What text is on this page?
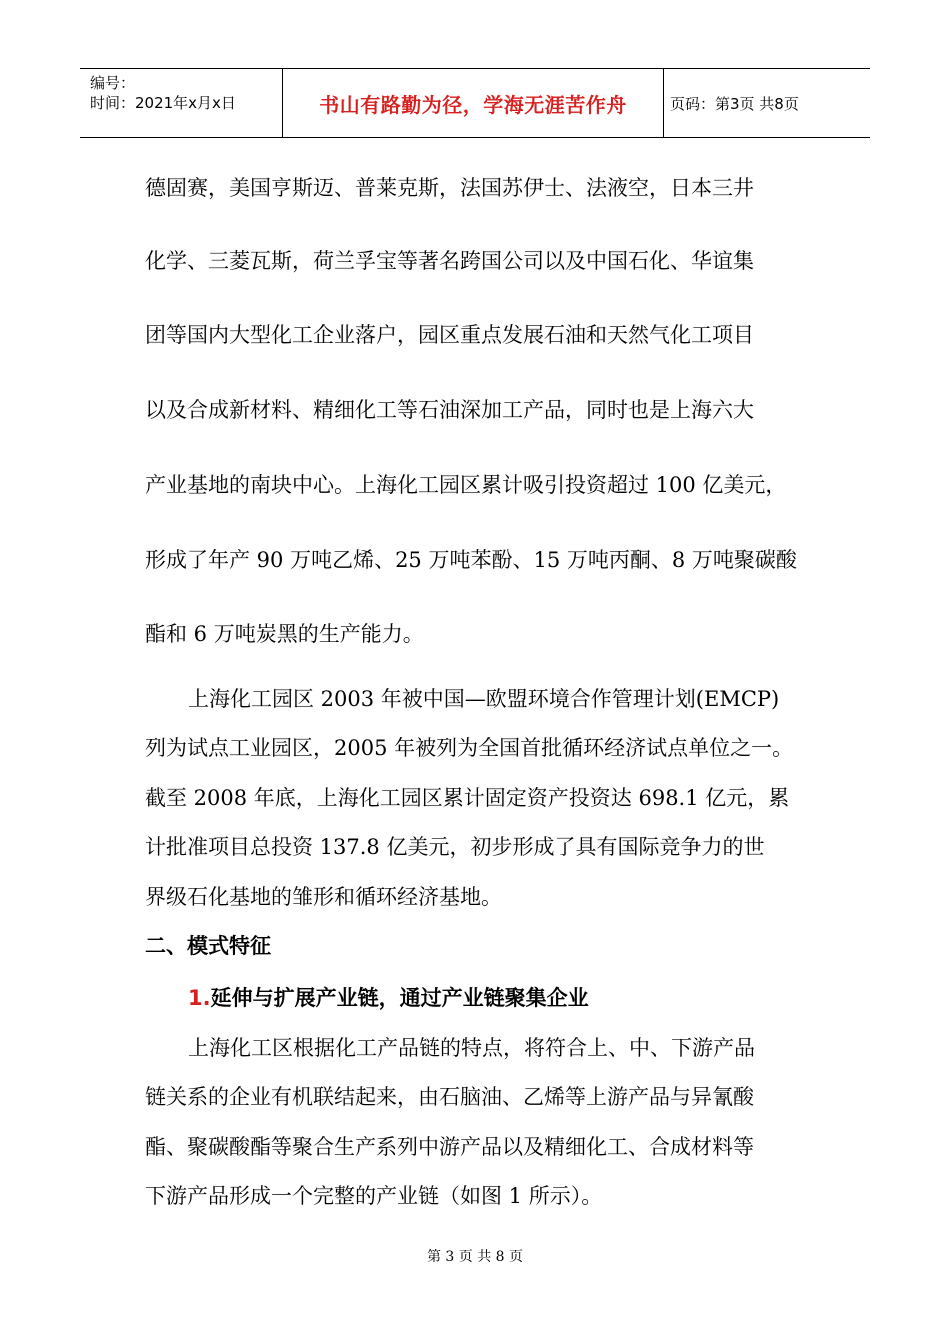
编号：
时间：2021年x月x日	书山有路勤为径，学海无涯苦作舟	页码：第3页 共8页

德固赛，美国亨斯迈、普莱克斯，法国苏伊士、法液空，日本三井

化学、三菱瓦斯，荷兰孚宝等著名跨国公司以及中国石化、华谊集

团等国内大型化工企业落户，园区重点发展石油和天然气化工项目

以及合成新材料、精细化工等石油深加工产品，同时也是上海六大

产业基地的南块中心。上海化工园区累计吸引投资超过 100 亿美元，

形成了年产 90 万吨乙烯、25 万吨苯酚、15 万吨丙酮、8 万吨聚碳酸

酯和 6 万吨炭黑的生产能力。

上海化工园区 2003 年被中国—欧盟环境合作管理计划(EMCP)

列为试点工业园区，2005 年被列为全国首批循环经济试点单位之一。

截至 2008 年底，上海化工园区累计固定资产投资达 698.1 亿元，累

计批准项目总投资 137.8 亿美元，初步形成了具有国际竞争力的世

界级石化基地的雏形和循环经济基地。

二、模式特征
1.延伸与扩展产业链，通过产业链聚集企业

上海化工区根据化工产品链的特点，将符合上、中、下游产品

链关系的企业有机联结起来，由石脑油、乙烯等上游产品与异氰酸

酯、聚碳酸酯等聚合生产系列中游产品以及精细化工、合成材料等

下游产品形成一个完整的产业链（如图 1 所示）。

第 3 页 共 8 页
